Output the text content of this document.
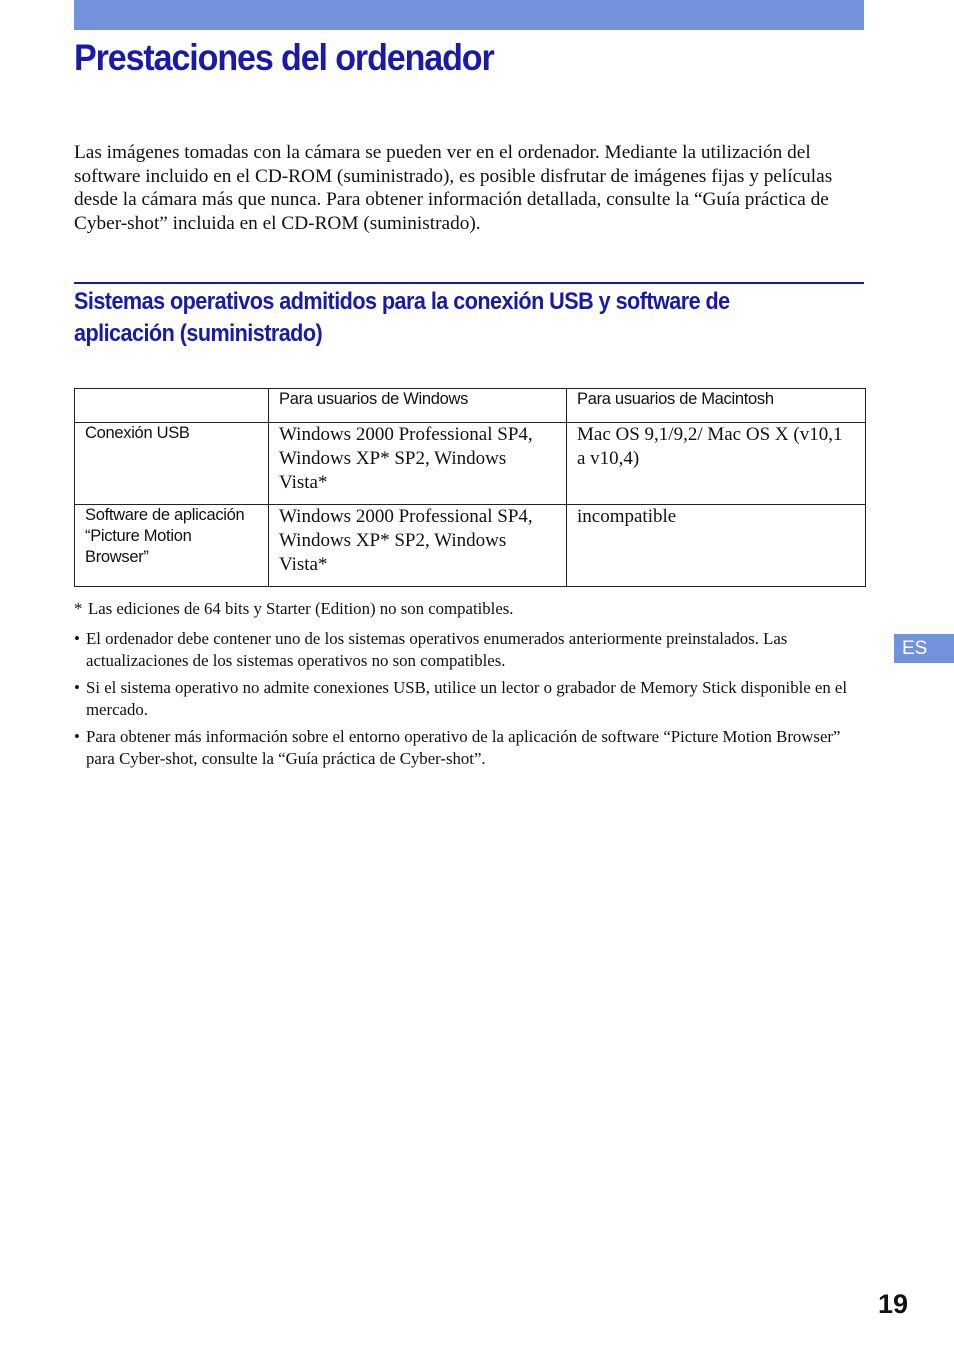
Prestaciones del ordenador

Las imágenes tomadas con la cámara se pueden ver en el ordenador. Mediante la utilización del software incluido en el CD-ROM (suministrado), es posible disfrutar de imágenes fijas y películas desde la cámara más que nunca. Para obtener información detallada, consulte la “Guía práctica de Cyber-shot” incluida en el CD-ROM (suministrado).

Sistemas operativos admitidos para la conexión USB y software de aplicación (suministrado)
	Para usuarios de Windows	Para usuarios de Macintosh
Conexión USB	Windows 2000 Professional SP4, Windows XP* SP2, Windows Vista*	Mac OS 9,1/9,2/ Mac OS X (v10,1 a v10,4)
Software de aplicación “Picture Motion Browser”	Windows 2000 Professional SP4, Windows XP* SP2, Windows Vista*	incompatible

* Las ediciones de 64 bits y Starter (Edition) no son compatibles.

• El ordenador debe contener uno de los sistemas operativos enumerados anteriormente preinstalados. Las actualizaciones de los sistemas operativos no son compatibles.
• Si el sistema operativo no admite conexiones USB, utilice un lector o grabador de Memory Stick disponible en el mercado.
• Para obtener más información sobre el entorno operativo de la aplicación de software “Picture Motion Browser” para Cyber-shot, consulte la “Guía práctica de Cyber-shot”.
ES
19
